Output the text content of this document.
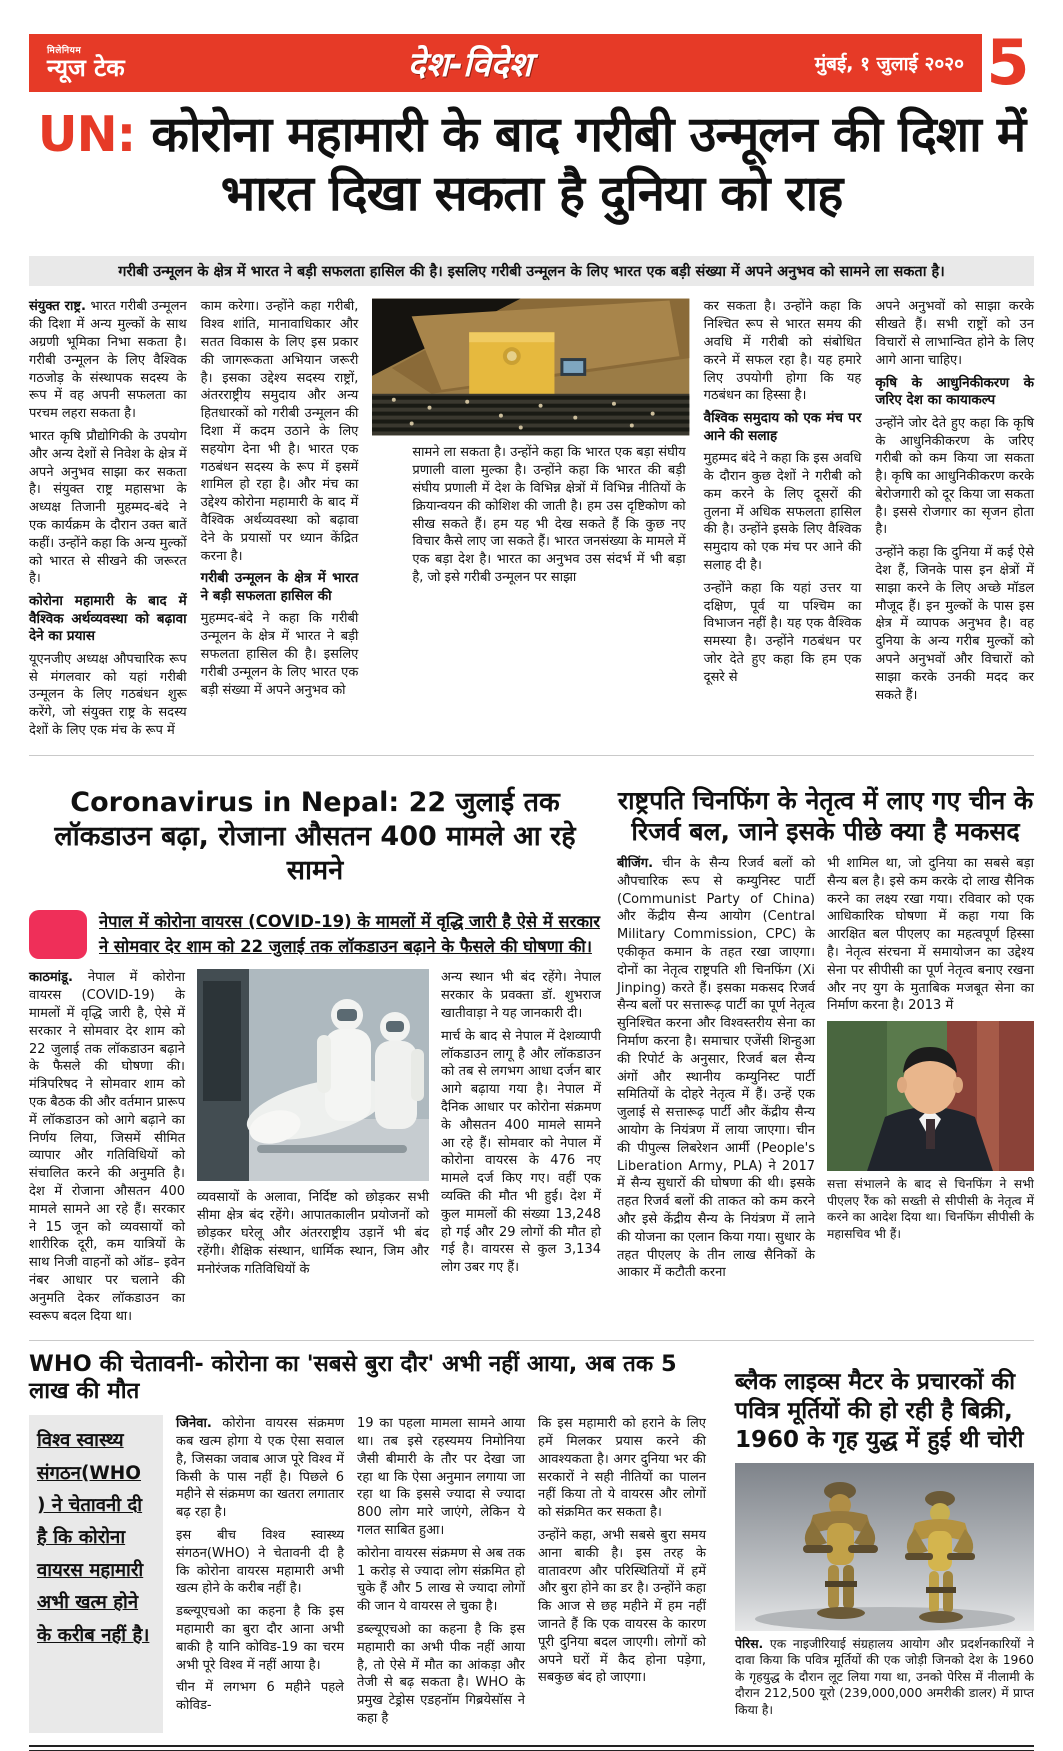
मिलेनियम
न्यूज टेक	देश-विदेश	मुंबई, १ जुलाई २०२० 5
UN: कोरोना महामारी के बाद गरीबी उन्मूलन की दिशा में भारत दिखा सकता है दुनिया को राह
गरीबी उन्मूलन के क्षेत्र में भारत ने बड़ी सफलता हासिल की है। इसलिए गरीबी उन्मूलन के लिए भारत एक बड़ी संख्या में अपने अनुभव को सामने ला सकता है।

संयुक्त राष्ट्र. भारत गरीबी उन्मूलन की दिशा में अन्य मुल्कों के साथ अग्रणी भूमिका निभा सकता है। गरीबी उन्मूलन के लिए वैश्विक गठजोड़ के संस्थापक सदस्य के रूप में वह अपनी सफलता का परचम लहरा सकता है।

भारत कृषि प्रौद्योगिकी के उपयोग और अन्य देशों से निवेश के क्षेत्र में अपने अनुभव साझा कर सकता है। संयुक्त राष्ट्र महासभा के अध्यक्ष तिजानी मुहम्मद-बंदे ने एक कार्यक्रम के दौरान उक्त बातें कहीं। उन्होंने कहा कि अन्य मुल्कों को भारत से सीखने की जरूरत है।

कोरोना महामारी के बाद में वैश्विक अर्थव्यवस्था को बढ़ावा देने का प्रयास

यूएनजीए अध्यक्ष औपचारिक रूप से मंगलवार को यहां गरीबी उन्मूलन के लिए गठबंधन शुरू करेंगे, जो संयुक्त राष्ट्र के सदस्य देशों के लिए एक मंच के रूप में

काम करेगा। उन्होंने कहा गरीबी, विश्व शांति, मानावाधिकार और सतत विकास के लिए इस प्रकार की जागरूकता अभियान जरूरी है। इसका उद्देश्य सदस्य राष्ट्रों, अंतरराष्ट्रीय समुदाय और अन्य हितधारकों को गरीबी उन्मूलन की दिशा में कदम उठाने के लिए सहयोग देना भी है। भारत एक गठबंधन सदस्य के रूप में इसमें शामिल हो रहा है। और मंच का उद्देश्य कोरोना महामारी के बाद में वैश्विक अर्थव्यवस्था को बढ़ावा देने के प्रयासों पर ध्यान केंद्रित करना है।

गरीबी उन्मूलन के क्षेत्र में भारत ने बड़ी सफलता हासिल की

मुहम्मद-बंदे ने कहा कि गरीबी उन्मूलन के क्षेत्र में भारत ने बड़ी सफलता हासिल की है। इसलिए गरीबी उन्मूलन के लिए भारत एक बड़ी संख्या में अपने अनुभव को

सामने ला सकता है। उन्होंने कहा कि भारत एक बड़ा संघीय प्रणाली वाला मुल्का है। उन्होंने कहा कि भारत की बड़ी संघीय प्रणाली में देश के विभिन्न क्षेत्रों में विभिन्न नीतियों के क्रियान्वयन की कोशिश की जाती है। हम उस दृष्टिकोण को सीख सकते हैं। हम यह भी देख सकते हैं कि कुछ नए विचार कैसे लाए जा सकते हैं। भारत जनसंख्या के मामले में एक बड़ा देश है। भारत का अनुभव उस संदर्भ में भी बड़ा है, जो इसे गरीबी उन्मूलन पर साझा

कर सकता है। उन्होंने कहा कि निश्चित रूप से भारत समय की अवधि में गरीबी को संबोधित करने में सफल रहा है। यह हमारे लिए उपयोगी होगा कि यह गठबंधन का हिस्सा है।

वैश्विक समुदाय को एक मंच पर आने की सलाह

मुहम्मद बंदे ने कहा कि इस अवधि के दौरान कुछ देशों ने गरीबी को कम करने के लिए दूसरों की तुलना में अधिक सफलता हासिल की है। उन्होंने इसके लिए वैश्विक समुदाय को एक मंच पर आने की सलाह दी है।

उन्होंने कहा कि यहां उत्तर या दक्षिण, पूर्व या पश्चिम का विभाजन नहीं है। यह एक वैश्विक समस्या है। उन्होंने गठबंधन पर जोर देते हुए कहा कि हम एक दूसरे से

अपने अनुभवों को साझा करके सीखते हैं। सभी राष्ट्रों को उन विचारों से लाभान्वित होने के लिए आगे आना चाहिए।

कृषि के आधुनिकीकरण के जरिए देश का कायाकल्प

उन्होंने जोर देते हुए कहा कि कृषि के आधुनिकीकरण के जरिए गरीबी को कम किया जा सकता है। कृषि का आधुनिकीकरण करके बेरोजगारी को दूर किया जा सकता है। इससे रोजगार का सृजन होता है।

उन्होंने कहा कि दुनिया में कई ऐसे देश हैं, जिनके पास इन क्षेत्रों में साझा करने के लिए अच्छे मॉडल मौजूद हैं। इन मुल्कों के पास इस क्षेत्र में व्यापक अनुभव है। वह दुनिया के अन्य गरीब मुल्कों को अपने अनुभवों और विचारों को साझा करके उनकी मदद कर सकते हैं।

Coronavirus in Nepal: 22 जुलाई तक लॉकडाउन बढ़ा, रोजाना औसतन 400 मामले आ रहे सामने
नेपाल में कोरोना वायरस (COVID-19) के मामलों में वृद्धि जारी है ऐसे में सरकार ने सोमवार देर शाम को 22 जुलाई तक लॉकडाउन बढ़ाने के फैसले की घोषणा की।

काठमांडू. नेपाल में कोरोना वायरस (COVID-19) के मामलों में वृद्धि जारी है, ऐसे में सरकार ने सोमवार देर शाम को 22 जुलाई तक लॉकडाउन बढ़ाने के फैसले की घोषणा की। मंत्रिपरिषद ने सोमवार शाम को एक बैठक की और वर्तमान प्रारूप में लॉकडाउन को आगे बढ़ाने का निर्णय लिया, जिसमें सीमित व्यापार और गतिविधियों को संचालित करने की अनुमति है। देश में रोजाना औसतन 400 मामले सामने आ रहे हैं। सरकार ने 15 जून को व्यवसायों को शारीरिक दूरी, कम यात्रियों के साथ निजी वाहनों को ऑड– इवेन नंबर आधार पर चलाने की अनुमति देकर लॉकडाउन का स्वरूप बदल दिया था।

व्यवसायों के अलावा, निर्दिष्ट को छोड़कर सभी सीमा क्षेत्र बंद रहेंगे। आपातकालीन प्रयोजनों को छोड़कर घरेलू और अंतरराष्ट्रीय उड़ानें भी बंद रहेंगी। शैक्षिक संस्थान, धार्मिक स्थान, जिम और मनोरंजक गतिविधियों के

अन्य स्थान भी बंद रहेंगे। नेपाल सरकार के प्रवक्ता डॉ. शुभराज खातीवाड़ा ने यह जानकारी दी।

मार्च के बाद से नेपाल में देशव्यापी लॉकडाउन लागू है और लॉकडाउन को तब से लगभग आधा दर्जन बार आगे बढ़ाया गया है। नेपाल में दैनिक आधार पर कोरोना संक्रमण के औसतन 400 मामले सामने आ रहे हैं। सोमवार को नेपाल में कोरोना वायरस के 476 नए मामले दर्ज किए गए। वहीं एक व्यक्ति की मौत भी हुई। देश में कुल मामलों की संख्या 13,248 हो गई और 29 लोगों की मौत हो गई है। वायरस से कुल 3,134 लोग उबर गए हैं।

राष्ट्रपति चिनफिंग के नेतृत्व में लाए गए चीन के रिजर्व बल, जाने इसके पीछे क्या है मकसद

बीजिंग. चीन के सैन्य रिजर्व बलों को औपचारिक रूप से कम्युनिस्ट पार्टी (Communist Party of China) और केंद्रीय सैन्य आयोग (Central Military Commission, CPC) के एकीकृत कमान के तहत रखा जाएगा। दोनों का नेतृत्व राष्ट्रपति शी चिनफिंग (Xi Jinping) करते हैं। इसका मकसद रिजर्व सैन्य बलों पर सत्तारूढ़ पार्टी का पूर्ण नेतृत्व सुनिश्चित करना और विश्वस्तरीय सेना का निर्माण करना है। समाचार एजेंसी शिन्हुआ की रिपोर्ट के अनुसार, रिजर्व बल सैन्य अंगों और स्थानीय कम्युनिस्ट पार्टी समितियों के दोहरे नेतृत्व में हैं। उन्हें एक जुलाई से सत्तारूढ़ पार्टी और केंद्रीय सैन्य आयोग के नियंत्रण में लाया जाएगा। चीन की पीपुल्स लिबरेशन आर्मी (People's Liberation Army, PLA) ने 2017 में सैन्य सुधारों की घोषणा की थी। इसके तहत रिजर्व बलों की ताकत को कम करने और इसे केंद्रीय सैन्य के नियंत्रण में लाने की योजना का एलान किया गया। सुधार के तहत पीएलए के तीन लाख सैनिकों के आकार में कटौती करना

भी शामिल था, जो दुनिया का सबसे बड़ा सैन्य बल है। इसे कम करके दो लाख सैनिक करने का लक्ष्य रखा गया। रविवार को एक आधिकारिक घोषणा में कहा गया कि आरक्षित बल पीएलए का महत्वपूर्ण हिस्सा है। नेतृत्व संरचना में समायोजन का उद्देश्य सेना पर सीपीसी का पूर्ण नेतृत्व बनाए रखना और नए युग के मुताबिक मजबूत सेना का निर्माण करना है। 2013 में

सत्ता संभालने के बाद से चिनफिंग ने सभी पीएलए रैंक को सख्ती से सीपीसी के नेतृत्व में करने का आदेश दिया था। चिनफिंग सीपीसी के महासचिव भी हैं।
WHO की चेतावनी- कोरोना का 'सबसे बुरा दौर' अभी नहीं आया, अब तक 5 लाख की मौत
विश्व स्वास्थ्य संगठन(WHO ) ने चेतावनी दी है कि कोरोना वायरस महामारी अभी खत्म होने के करीब नहीं है।

जिनेवा. कोरोना वायरस संक्रमण कब खत्म होगा ये एक ऐसा सवाल है, जिसका जवाब आज पूरे विश्व में किसी के पास नहीं है। पिछले 6 महीने से संक्रमण का खतरा लगातार बढ़ रहा है।

इस बीच विश्व स्वास्थ्य संगठन(WHO) ने चेतावनी दी है कि कोरोना वायरस महामारी अभी खत्म होने के करीब नहीं है।

डब्ल्यूएचओ का कहना है कि इस महामारी का बुरा दौर आना अभी बाकी है यानि कोविड-19 का चरम अभी पूरे विश्व में नहीं आया है।

चीन में लगभग 6 महीने पहले कोविड-

19 का पहला मामला सामने आया था। तब इसे रहस्यमय निमोनिया जैसी बीमारी के तौर पर देखा जा रहा था कि ऐसा अनुमान लगाया जा रहा था कि इससे ज्यादा से ज्यादा 800 लोग मारे जाएंगे, लेकिन ये गलत साबित हुआ।

कोरोना वायरस संक्रमण से अब तक 1 करोड़ से ज्यादा लोग संक्रमित हो चुके हैं और 5 लाख से ज्यादा लोगों की जान ये वायरस ले चुका है।

डब्ल्यूएचओ का कहना है कि इस महामारी का अभी पीक नहीं आया है, तो ऐसे में मौत का आंकड़ा और तेजी से बढ़ सकता है। WHO के प्रमुख टेड्रोस एडहनॉम गिब्रयेसॉस ने कहा है

कि इस महामारी को हराने के लिए हमें मिलकर प्रयास करने की आवश्यकता है। अगर दुनिया भर की सरकारों ने सही नीतियों का पालन नहीं किया तो ये वायरस और लोगों को संक्रमित कर सकता है।

उन्होंने कहा, अभी सबसे बुरा समय आना बाकी है। इस तरह के वातावरण और परिस्थितियों में हमें और बुरा होने का डर है। उन्होंने कहा कि आज से छह महीने में हम नहीं जानते हैं कि एक वायरस के कारण पूरी दुनिया बदल जाएगी। लोगों को अपने घरों में कैद होना पड़ेगा, सबकुछ बंद हो जाएगा।

ब्लैक लाइव्स मैटर के प्रचारकों की पवित्र मूर्तियों की हो रही है बिक्री, 1960 के गृह युद्ध में हुई थी चोरी
पेरिस. एक नाइजीरियाई संग्रहालय आयोग और प्रदर्शनकारियों ने दावा किया कि पवित्र मूर्तियों की एक जोड़ी जिनको देश के 1960 के गृहयुद्ध के दौरान लूट लिया गया था, उनको पेरिस में नीलामी के दौरान 212,500 यूरो (239,000,000 अमरीकी डालर) में प्राप्त किया है।
